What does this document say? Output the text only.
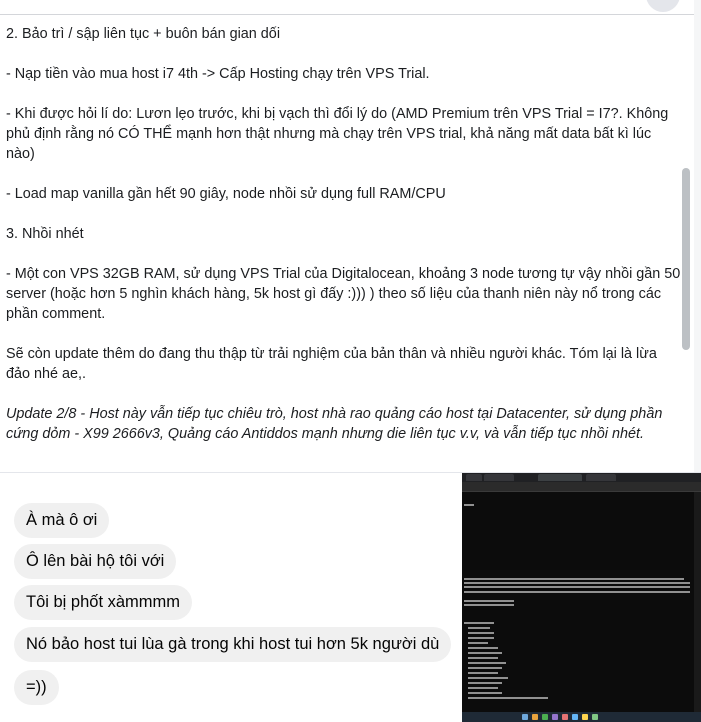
2. Bảo trì / sập liên tục + buôn bán gian dối

- Nạp tiền vào mua host i7 4th -> Cấp Hosting chạy trên VPS Trial.

- Khi được hỏi lí do: Lươn lẹo trước, khi bị vạch thì đổi lý do (AMD Premium trên VPS Trial = I7?. Không phủ định rằng nó CÓ THỂ mạnh hơn thật nhưng mà chạy trên VPS trial, khả năng mất data bất kì lúc nào)

- Load map vanilla gần hết 90 giây, node nhồi sử dụng full RAM/CPU

3. Nhồi nhét

- Một con VPS 32GB RAM, sử dụng VPS Trial của Digitalocean, khoảng 3 node tương tự vậy nhồi gần 50 server (hoặc hơn 5 nghìn khách hàng, 5k host gì đấy :))) ) theo số liệu của thanh niên này nổ trong các phần comment.

Sẽ còn update thêm do đang thu thập từ trải nghiệm của bản thân và nhiều người khác. Tóm lại là lừa đảo nhé ae,.

Update 2/8 - Host này vẫn tiếp tục chiêu trò, host nhà rao quảng cáo host tại Datacenter, sử dụng phần cứng dỏm - X99 2666v3, Quảng cáo Antiddos mạnh nhưng die liên tục v.v, và vẫn tiếp tục nhồi nhét.

À mà ô ơi
Ô lên bài hộ tôi với
Tôi bị phốt xàmmmm
Nó bảo host tui lùa gà trong khi host tui hơn 5k người dù
=))
